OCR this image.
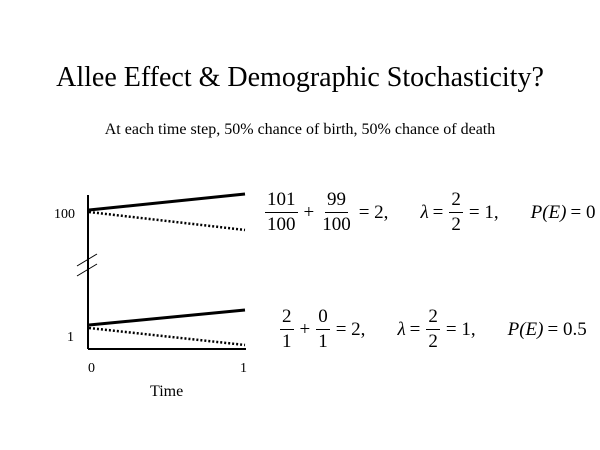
Allee Effect & Demographic Stochasticity?
At each time step, 50% chance of birth, 50% chance of death
100
1
0	1
Time
$\frac{101}{100} + \frac{99}{100} = 2$, $\lambda = \frac{2}{2} = 1$, P(E) = 0
$\frac{2}{1} + \frac{0}{1} = 2$, $\lambda = \frac{2}{2} = 1$, P(E) = 0.5
